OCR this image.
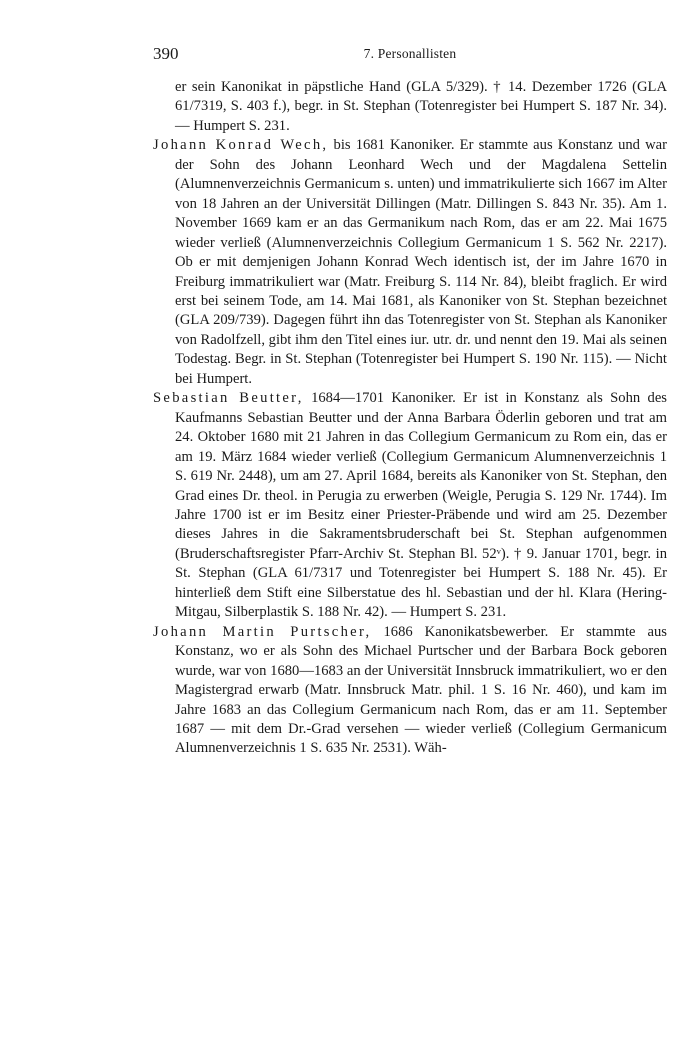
390	7. Personallisten

er sein Kanonikat in päpstliche Hand (GLA 5/329). † 14. Dezember 1726 (GLA 61/7319, S. 403 f.), begr. in St. Stephan (Totenregister bei Humpert S. 187 Nr. 34). — Humpert S. 231.

Johann Konrad Wech, bis 1681 Kanoniker. Er stammte aus Konstanz und war der Sohn des Johann Leonhard Wech und der Magdalena Settelin (Alumnenverzeichnis Germanicum s. unten) und immatrikulierte sich 1667 im Alter von 18 Jahren an der Universität Dillingen (Matr. Dillingen S. 843 Nr. 35). Am 1. November 1669 kam er an das Germanikum nach Rom, das er am 22. Mai 1675 wieder verließ (Alumnenverzeichnis Collegium Germanicum 1 S. 562 Nr. 2217). Ob er mit demjenigen Johann Konrad Wech identisch ist, der im Jahre 1670 in Freiburg immatrikuliert war (Matr. Freiburg S. 114 Nr. 84), bleibt fraglich. Er wird erst bei seinem Tode, am 14. Mai 1681, als Kanoniker von St. Stephan bezeichnet (GLA 209/739). Dagegen führt ihn das Totenregister von St. Stephan als Kanoniker von Radolfzell, gibt ihm den Titel eines iur. utr. dr. und nennt den 19. Mai als seinen Todestag. Begr. in St. Stephan (Totenregister bei Humpert S. 190 Nr. 115). — Nicht bei Humpert.

Sebastian Beutter, 1684—1701 Kanoniker. Er ist in Konstanz als Sohn des Kaufmanns Sebastian Beutter und der Anna Barbara Öderlin geboren und trat am 24. Oktober 1680 mit 21 Jahren in das Collegium Germanicum zu Rom ein, das er am 19. März 1684 wieder verließ (Collegium Germanicum Alumnenverzeichnis 1 S. 619 Nr. 2448), um am 27. April 1684, bereits als Kanoniker von St. Stephan, den Grad eines Dr. theol. in Perugia zu erwerben (Weigle, Perugia S. 129 Nr. 1744). Im Jahre 1700 ist er im Besitz einer Priester-Präbende und wird am 25. Dezember dieses Jahres in die Sakramentsbruderschaft bei St. Stephan aufgenommen (Bruderschaftsregister Pfarr-Archiv St. Stephan Bl. 52ᵛ). † 9. Januar 1701, begr. in St. Stephan (GLA 61/7317 und Totenregister bei Humpert S. 188 Nr. 45). Er hinterließ dem Stift eine Silberstatue des hl. Sebastian und der hl. Klara (Hering-Mitgau, Silberplastik S. 188 Nr. 42). — Humpert S. 231.

Johann Martin Purtscher, 1686 Kanonikatsbewerber. Er stammte aus Konstanz, wo er als Sohn des Michael Purtscher und der Barbara Bock geboren wurde, war von 1680—1683 an der Universität Innsbruck immatrikuliert, wo er den Magistergrad erwarb (Matr. Innsbruck Matr. phil. 1 S. 16 Nr. 460), und kam im Jahre 1683 an das Collegium Germanicum nach Rom, das er am 11. September 1687 — mit dem Dr.-Grad versehen — wieder verließ (Collegium Germanicum Alumnenverzeichnis 1 S. 635 Nr. 2531). Wäh-
